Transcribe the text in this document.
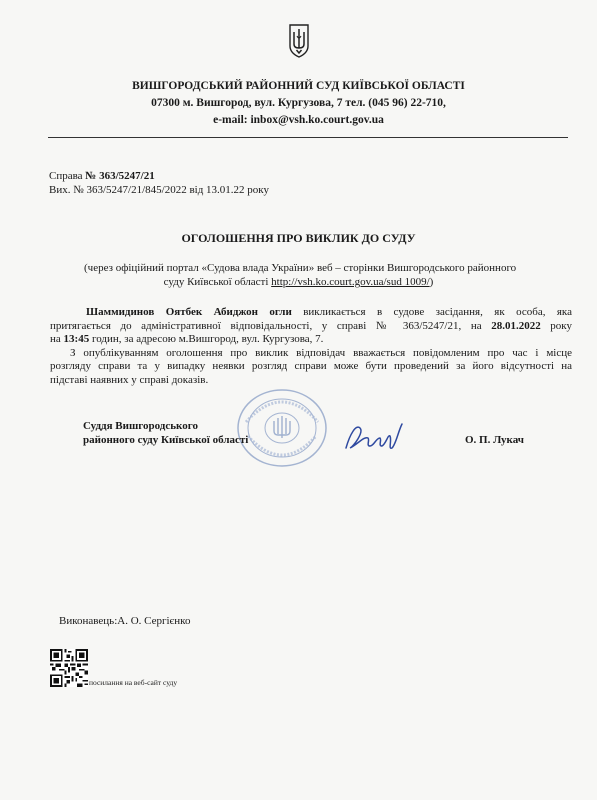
ВИШГОРОДСЬКИЙ РАЙОННИЙ СУД КИЇВСЬКОЇ ОБЛАСТІ
07300 м. Вишгород, вул. Кургузова, 7 тел. (045 96) 22-710,
e-mail: inbox@vsh.ko.court.gov.ua
Справа № 363/5247/21
Вих. № 363/5247/21/845/2022 від 13.01.22 року
ОГОЛОШЕННЯ ПРО ВИКЛИК ДО СУДУ
(через офіційний портал «Судова влада України» веб – сторінки Вишгородського районного
суду Київської області http://vsh.ko.court.gov.ua/sud 1009/)
Шаммидинов Оятбек Абиджон огли викликається в судове засідання, як особа, яка
притягається до адміністративної відповідальності, у справі № 363/5247/21, на 28.01.2022 року
на 13:45 годин, за адресою м.Вишгород, вул. Кургузова, 7.
З опублікуванням оголошення про виклик відповідач вважається повідомленим про час і місце
розгляду справи та у випадку неявки розгляд справи може бути проведений за його відсутності на
підставі наявних у справі доказів.
Суддя Вишгородського
районного суду Київської області	О. П. Лукач
Виконавець:А. О. Сергієнко
посилання на веб-сайт суду
